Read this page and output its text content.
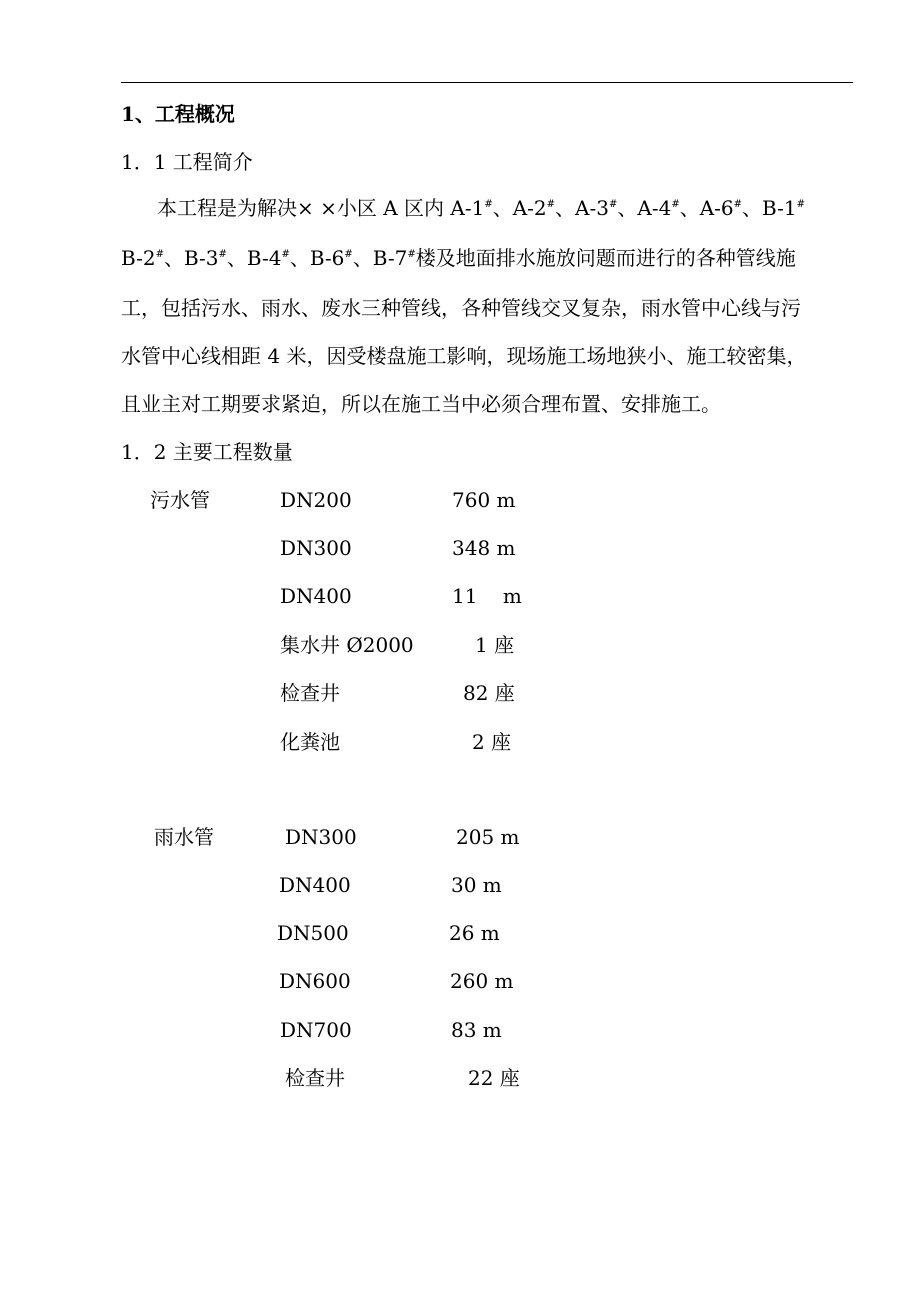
1、工程概况
1．1 工程简介
本工程是为解决× ×小区 A 区内 A-1#、A-2#、A-3#、A-4#、A-6#、B-1#
B-2#、B-3#、B-4#、B-6#、B-7#楼及地面排水施放问题而进行的各种管线施
工，包括污水、雨水、废水三种管线，各种管线交叉复杂，雨水管中心线与污
水管中心线相距 4 米，因受楼盘施工影响，现场施工场地狭小、施工较密集，
且业主对工期要求紧迫，所以在施工当中必须合理布置、安排施工。
1．2 主要工程数量
污水管	DN200	760 m
DN300	348 m
DN400	11    m
集水井 Ø2000	1 座
检查井	82 座
化粪池	2 座
雨水管	DN300	205 m
DN400	30 m
DN500	26 m
DN600	260 m
DN700	83 m
检查井	22 座
